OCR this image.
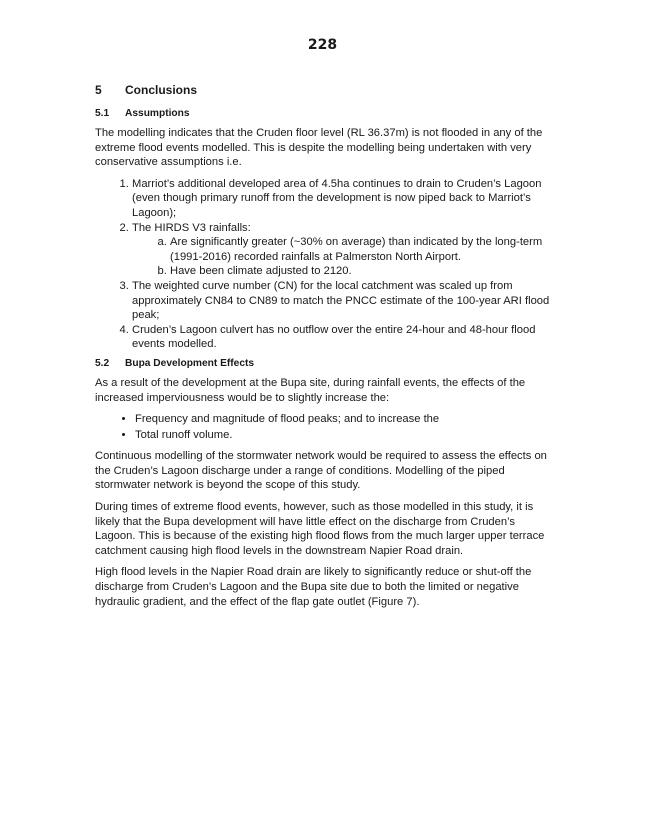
228
5 Conclusions
5.1 Assumptions

The modelling indicates that the Cruden floor level (RL 36.37m) is not flooded in any of the extreme flood events modelled. This is despite the modelling being undertaken with very conservative assumptions i.e.

1. Marriot’s additional developed area of 4.5ha continues to drain to Cruden’s Lagoon (even though primary runoff from the development is now piped back to Marriot’s Lagoon);
2. The HIRDS V3 rainfalls:
a. Are significantly greater (~30% on average) than indicated by the long-term (1991-2016) recorded rainfalls at Palmerston North Airport.
b. Have been climate adjusted to 2120.
3. The weighted curve number (CN) for the local catchment was scaled up from approximately CN84 to CN89 to match the PNCC estimate of the 100-year ARI flood peak;
4. Cruden’s Lagoon culvert has no outflow over the entire 24-hour and 48-hour flood events modelled.
5.2 Bupa Development Effects

As a result of the development at the Bupa site, during rainfall events, the effects of the increased imperviousness would be to slightly increase the:

• Frequency and magnitude of flood peaks; and to increase the
• Total runoff volume.

Continuous modelling of the stormwater network would be required to assess the effects on the Cruden’s Lagoon discharge under a range of conditions. Modelling of the piped stormwater network is beyond the scope of this study.

During times of extreme flood events, however, such as those modelled in this study, it is likely that the Bupa development will have little effect on the discharge from Cruden’s Lagoon. This is because of the existing high flood flows from the much larger upper terrace catchment causing high flood levels in the downstream Napier Road drain.

High flood levels in the Napier Road drain are likely to significantly reduce or shut-off the discharge from Cruden’s Lagoon and the Bupa site due to both the limited or negative hydraulic gradient, and the effect of the flap gate outlet (Figure 7).
